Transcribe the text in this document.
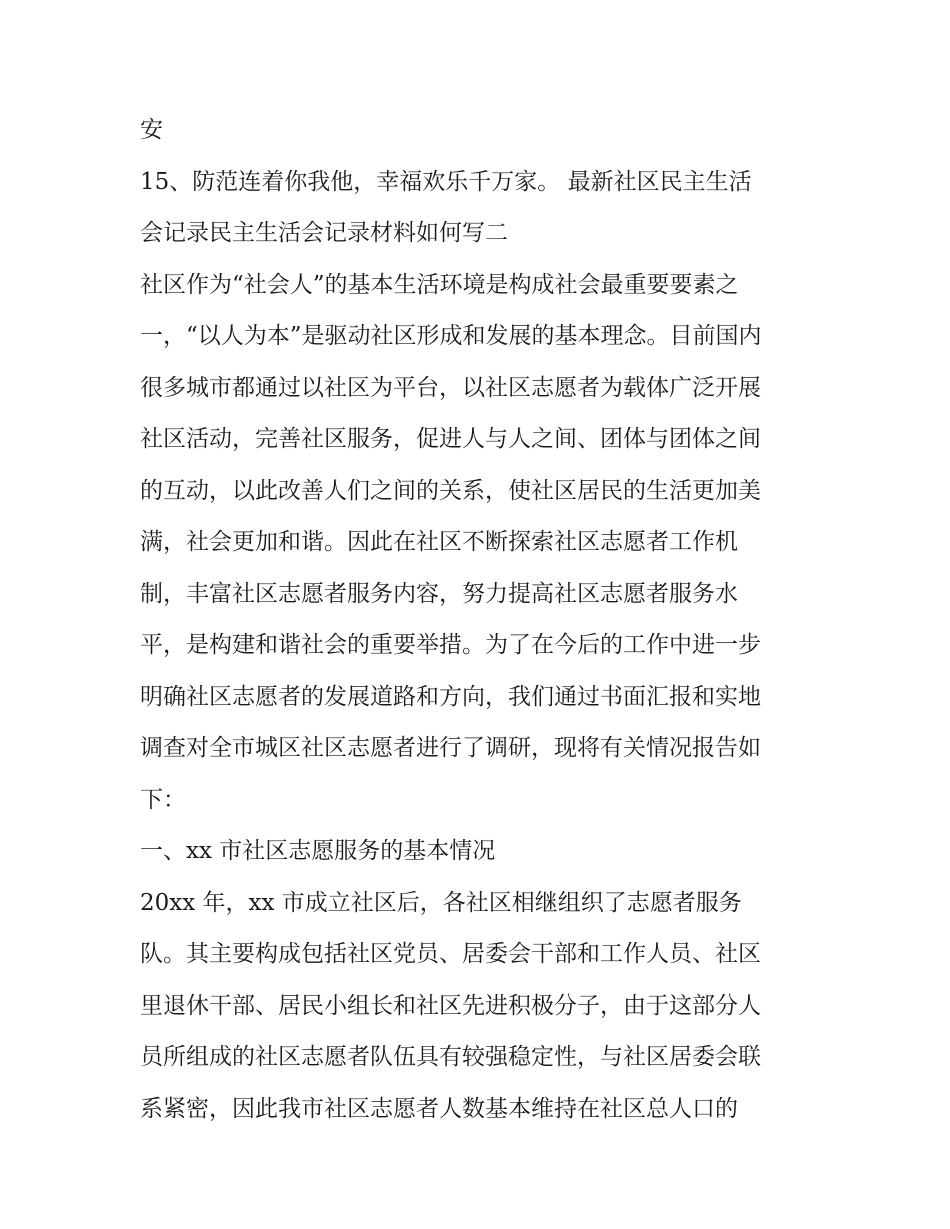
安
15、防范连着你我他，幸福欢乐千万家。 最新社区民主生活
会记录民主生活会记录材料如何写二
社区作为“社会人”的基本生活环境是构成社会最重要要素之
一，“以人为本”是驱动社区形成和发展的基本理念。目前国内
很多城市都通过以社区为平台，以社区志愿者为载体广泛开展
社区活动，完善社区服务，促进人与人之间、团体与团体之间
的互动，以此改善人们之间的关系，使社区居民的生活更加美
满，社会更加和谐。因此在社区不断探索社区志愿者工作机
制，丰富社区志愿者服务内容，努力提高社区志愿者服务水
平，是构建和谐社会的重要举措。为了在今后的工作中进一步
明确社区志愿者的发展道路和方向，我们通过书面汇报和实地
调查对全市城区社区志愿者进行了调研，现将有关情况报告如
下：
一、xx 市社区志愿服务的基本情况
20xx 年，xx 市成立社区后，各社区相继组织了志愿者服务
队。其主要构成包括社区党员、居委会干部和工作人员、社区
里退休干部、居民小组长和社区先进积极分子，由于这部分人
员所组成的社区志愿者队伍具有较强稳定性，与社区居委会联
系紧密，因此我市社区志愿者人数基本维持在社区总人口的
